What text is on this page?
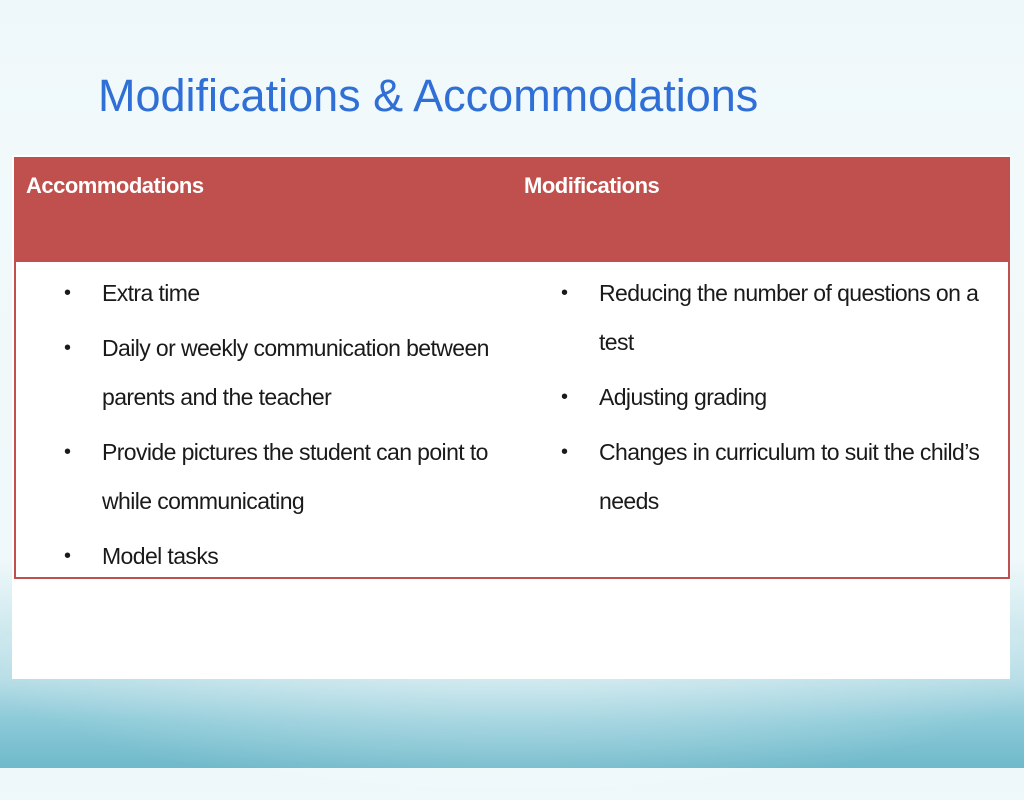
Modifications & Accommodations
Accommodations	Modifications
• Extra time
• Daily or weekly communication between parents and the teacher
• Provide pictures the student can point to while communicating
• Model tasks
• Reducing the number of questions on a test
• Adjusting grading
• Changes in curriculum to suit the child’s needs
